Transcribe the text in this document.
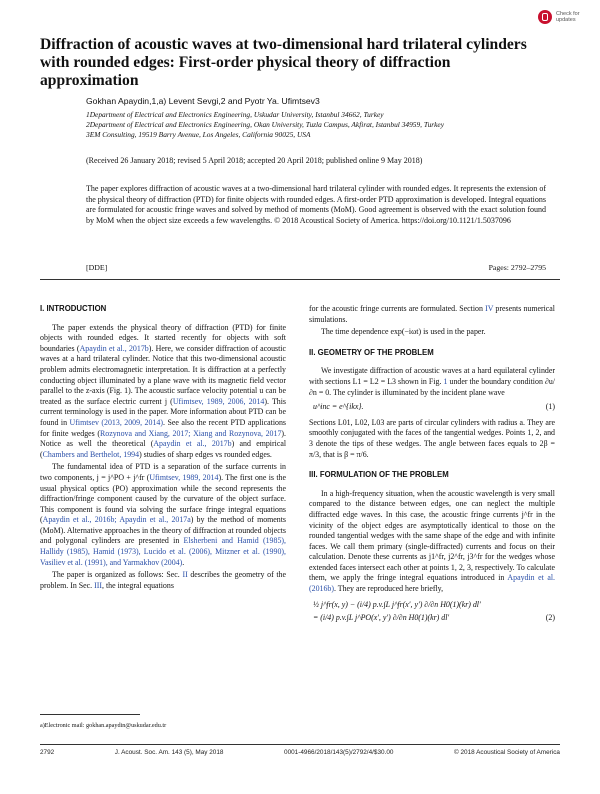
Check for updates
Diffraction of acoustic waves at two-dimensional hard trilateral cylinders with rounded edges: First-order physical theory of diffraction approximation
Gokhan Apaydin,1,a) Levent Sevgi,2 and Pyotr Ya. Ufimtsev3
1Department of Electrical and Electronics Engineering, Uskudar University, Istanbul 34662, Turkey
2Department of Electrical and Electronics Engineering, Okan University, Tuzla Campus, Akfirat, Istanbul 34959, Turkey
3EM Consulting, 19519 Barry Avenue, Los Angeles, California 90025, USA
(Received 26 January 2018; revised 5 April 2018; accepted 20 April 2018; published online 9 May 2018)
The paper explores diffraction of acoustic waves at a two-dimensional hard trilateral cylinder with rounded edges. It represents the extension of the physical theory of diffraction (PTD) for finite objects with rounded edges. A first-order PTD approximation is developed. Integral equations are formulated for acoustic fringe waves and solved by method of moments (MoM). Good agreement is observed with the exact solution found by MoM when the object size exceeds a few wavelengths. © 2018 Acoustical Society of America. https://doi.org/10.1121/1.5037096
[DDE]	Pages: 2792–2795
I. INTRODUCTION

The paper extends the physical theory of diffraction (PTD) for finite objects with rounded edges. It started recently for objects with soft boundaries (Apaydin et al., 2017b). Here, we consider diffraction of acoustic waves at a hard trilateral cylinder. Notice that this two-dimensional acoustic problem admits electromagnetic interpretation. It is diffraction at a perfectly conducting object illuminated by a plane wave with its magnetic field vector parallel to the z-axis (Fig. 1). The acoustic surface velocity potential u can be treated as the surface electric current j (Ufimtsev, 1989, 2006, 2014). This current terminology is used in the paper. More information about PTD can be found in Ufimtsev (2013, 2009, 2014). See also the recent PTD applications for finite wedges (Rozynova and Xiang, 2017; Xiang and Rozynova, 2017). Notice as well the theoretical (Apaydin et al., 2017b) and empirical (Chambers and Berthelot, 1994) studies of sharp edges vs rounded edges.

The fundamental idea of PTD is a separation of the surface currents in two components, j = j^PO + j^fr (Ufimtsev, 1989, 2014). The first one is the usual physical optics (PO) approximation while the second represents the diffraction/fringe component caused by the curvature of the object surface. This component is found via solving the surface fringe integral equations (Apaydin et al., 2016b; Apaydin et al., 2017a) by the method of moments (MoM). Alternative approaches in the theory of diffraction at rounded objects and polygonal cylinders are presented in Elsherbeni and Hamid (1985), Hallidy (1985), Hamid (1973), Lucido et al. (2006), Mitzner et al. (1990), Vasiliev et al. (1991), and Yarmakhov (2004).

The paper is organized as follows: Sec. II describes the geometry of the problem. In Sec. III, the integral equations

for the acoustic fringe currents are formulated. Section IV presents numerical simulations.

The time dependence exp(−iωt) is used in the paper.

II. GEOMETRY OF THE PROBLEM

We investigate diffraction of acoustic waves at a hard equilateral cylinder with sections L1 = L2 = L3 shown in Fig. 1 under the boundary condition ∂u/∂n = 0. The cylinder is illuminated by the incident plane wave

u^inc = e^{ikx}.	(1)

Sections L01, L02, L03 are parts of circular cylinders with radius a. They are smoothly conjugated with the faces of the tangential wedges. Points 1, 2, and 3 denote the tips of these wedges. The angle between faces equals to 2β = π/3, that is β = π/6.

III. FORMULATION OF THE PROBLEM

In a high-frequency situation, when the acoustic wavelength is very small compared to the distance between edges, one can neglect the multiple diffracted edge waves. In this case, the acoustic fringe currents j^fr in the vicinity of the object edges are asymptotically identical to those on the rounded tangential wedges with the same shape of the edge and with infinite faces. We call them primary (single-diffracted) currents and focus on their calculation. Denote these currents as j1^fr, j2^fr, j3^fr for the wedges whose extended faces intersect each other at points 1, 2, 3, respectively. To calculate them, we apply the fringe integral equations introduced in Apaydin et al. (2016b). They are reproduced here briefly,

½ j^fr(x, y) − (i/4) p.v.∫L j^fr(x′, y′) ∂/∂n H0(1)(kr) dl′
= (i/4) p.v.∫L j^PO(x′, y′) ∂/∂n H0(1)(kr) dl′	(2)
a)Electronic mail: gokhan.apaydin@uskudar.edu.tr
2792	J. Acoust. Soc. Am. 143 (5), May 2018	0001-4966/2018/143(5)/2792/4/$30.00	© 2018 Acoustical Society of America
